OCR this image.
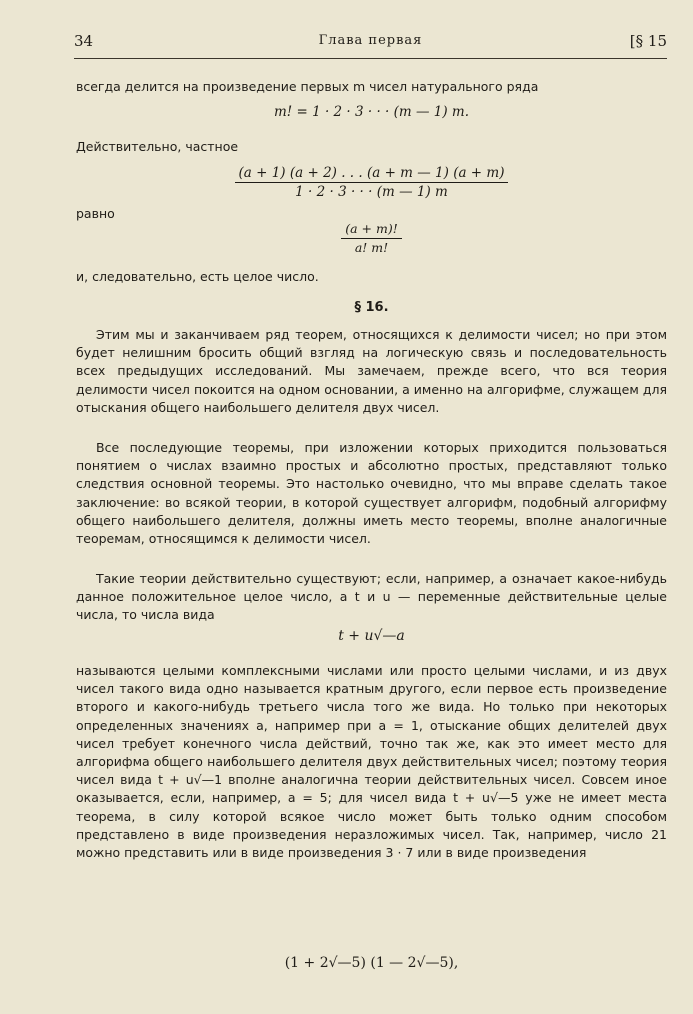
34	Глава первая	[§ 15

всегда делится на произведение первых m чисел натурального ряда

m! = 1 · 2 · 3 · · · (m — 1) m.

Действительно, частное

$\frac{(a + 1) (a + 2) . . . (a + m — 1) (a + m)}{1 \cdot 2 \cdot 3 \cdot \cdot \cdot (m — 1) m}$

равно

$\frac{(a + m)!}{a! m!}$

и, следовательно, есть целое число.

§ 16.

Этим мы и заканчиваем ряд теорем, относящихся к делимости чисел; но при этом будет нелишним бросить общий взгляд на логическую связь и последовательность всех предыдущих исследований. Мы замечаем, прежде всего, что вся теория делимости чисел покоится на одном основании, а именно на алгорифме, служащем для отыскания общего наибольшего делителя двух чисел.

Все последующие теоремы, при изложении которых приходится пользоваться понятием о числах взаимно простых и абсолютно простых, представляют только следствия основной теоремы. Это настолько очевидно, что мы вправе сделать такое заключение: во всякой теории, в которой существует алгорифм, подобный алгорифму общего наибольшего делителя, должны иметь место теоремы, вполне аналогичные теоремам, относящимся к делимости чисел.

Такие теории действительно существуют; если, например, a означает какое-нибудь данное положительное целое число, а t и u — переменные действительные целые числа, то числа вида

t + u√—a

называются целыми комплексными числами или просто целыми числами, и из двух чисел такого вида одно называется кратным другого, если первое есть произведение второго и какого-нибудь третьего числа того же вида. Но только при некоторых определенных значениях a, например при a = 1, отыскание общих делителей двух чисел требует конечного числа действий, точно так же, как это имеет место для алгорифма общего наибольшего делителя двух действительных чисел; поэтому теория чисел вида t + u√—1 вполне аналогична теории действительных чисел. Совсем иное оказывается, если, например, a = 5; для чисел вида t + u√—5 уже не имеет места теорема, в силу которой всякое число может быть только одним способом представлено в виде произведения неразложимых чисел. Так, например, число 21 можно представить или в виде произведения 3 · 7 или в виде произведения

(1 + 2√—5) (1 — 2√—5),
